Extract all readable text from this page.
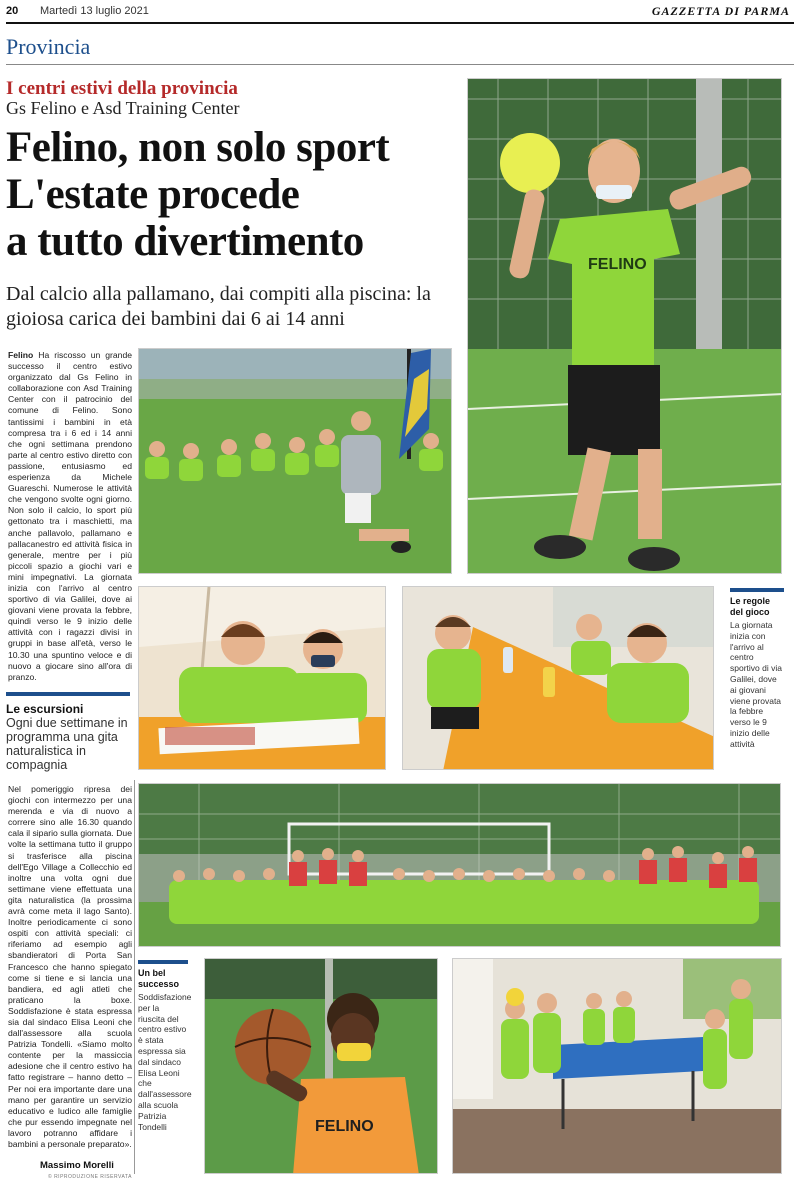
20 Martedì 13 luglio 2021	GAZZETTA DI PARMA
Provincia
I centri estivi della provincia
Gs Felino e Asd Training Center
Felino, non solo sport
L'estate procede
a tutto divertimento
Dal calcio alla pallamano, dai compiti alla piscina: la gioiosa carica dei bambini dai 6 ai 14 anni
FELINO
Felino Ha riscosso un grande successo il centro estivo organizzato dal Gs Felino in collaborazione con Asd Training Center con il patrocinio del comune di Felino. Sono tantissimi i bambini in età compresa tra i 6 ed i 14 anni che ogni settimana prendono parte al centro estivo diretto con passione, entusiasmo ed esperienza da Michele Guareschi. Numerose le attività che vengono svolte ogni giorno. Non solo il calcio, lo sport più gettonato tra i maschietti, ma anche pallavolo, pallamano e pallacanestro ed attività fisica in generale, mentre per i più piccoli spazio a giochi vari e mini impegnativi. La giornata inizia con l'arrivo al centro sportivo di via Galilei, dove ai giovani viene provata la febbre, quindi verso le 9 inizio delle attività con i ragazzi divisi in gruppi in base all'età, verso le 10.30 una spuntino veloce e di nuovo a giocare sino all'ora di pranzo.
Le regole del gioco
La giornata inizia con l'arrivo al centro sportivo di via Galilei, dove ai giovani viene provata la febbre verso le 9 inizio delle attività
Le escursioni
Ogni due settimane in programma una gita naturalistica in compagnia
Nel pomeriggio ripresa dei giochi con intermezzo per una merenda e via di nuovo a correre sino alle 16.30 quando cala il sipario sulla giornata. Due volte la settimana tutto il gruppo si trasferisce alla piscina dell'Ego Village a Collecchio ed inoltre una volta ogni due settimane viene effettuata una gita naturalistica (la prossima avrà come meta il lago Santo). Inoltre periodicamente ci sono ospiti con attività speciali: ci riferiamo ad esempio agli sbandieratori di Porta San Francesco che hanno spiegato come si tiene e si lancia una bandiera, ed agli atleti che praticano la boxe. Soddisfazione è stata espressa sia dal sindaco Elisa Leoni che dall'assessore alla scuola Patrizia Tondelli. «Siamo molto contente per la massiccia adesione che il centro estivo ha fatto registrare – hanno detto – Per noi era importante dare una mano per garantire un servizio educativo e ludico alle famiglie che pur essendo impegnate nel lavoro potranno affidare i bambini a personale preparato».
Un bel successo
Soddisfazione per la riuscita del centro estivo è stata espressa sia dal sindaco Elisa Leoni che dall'assessore alla scuola Patrizia Tondelli	FELINO
Massimo Morelli
© RIPRODUZIONE RISERVATA
